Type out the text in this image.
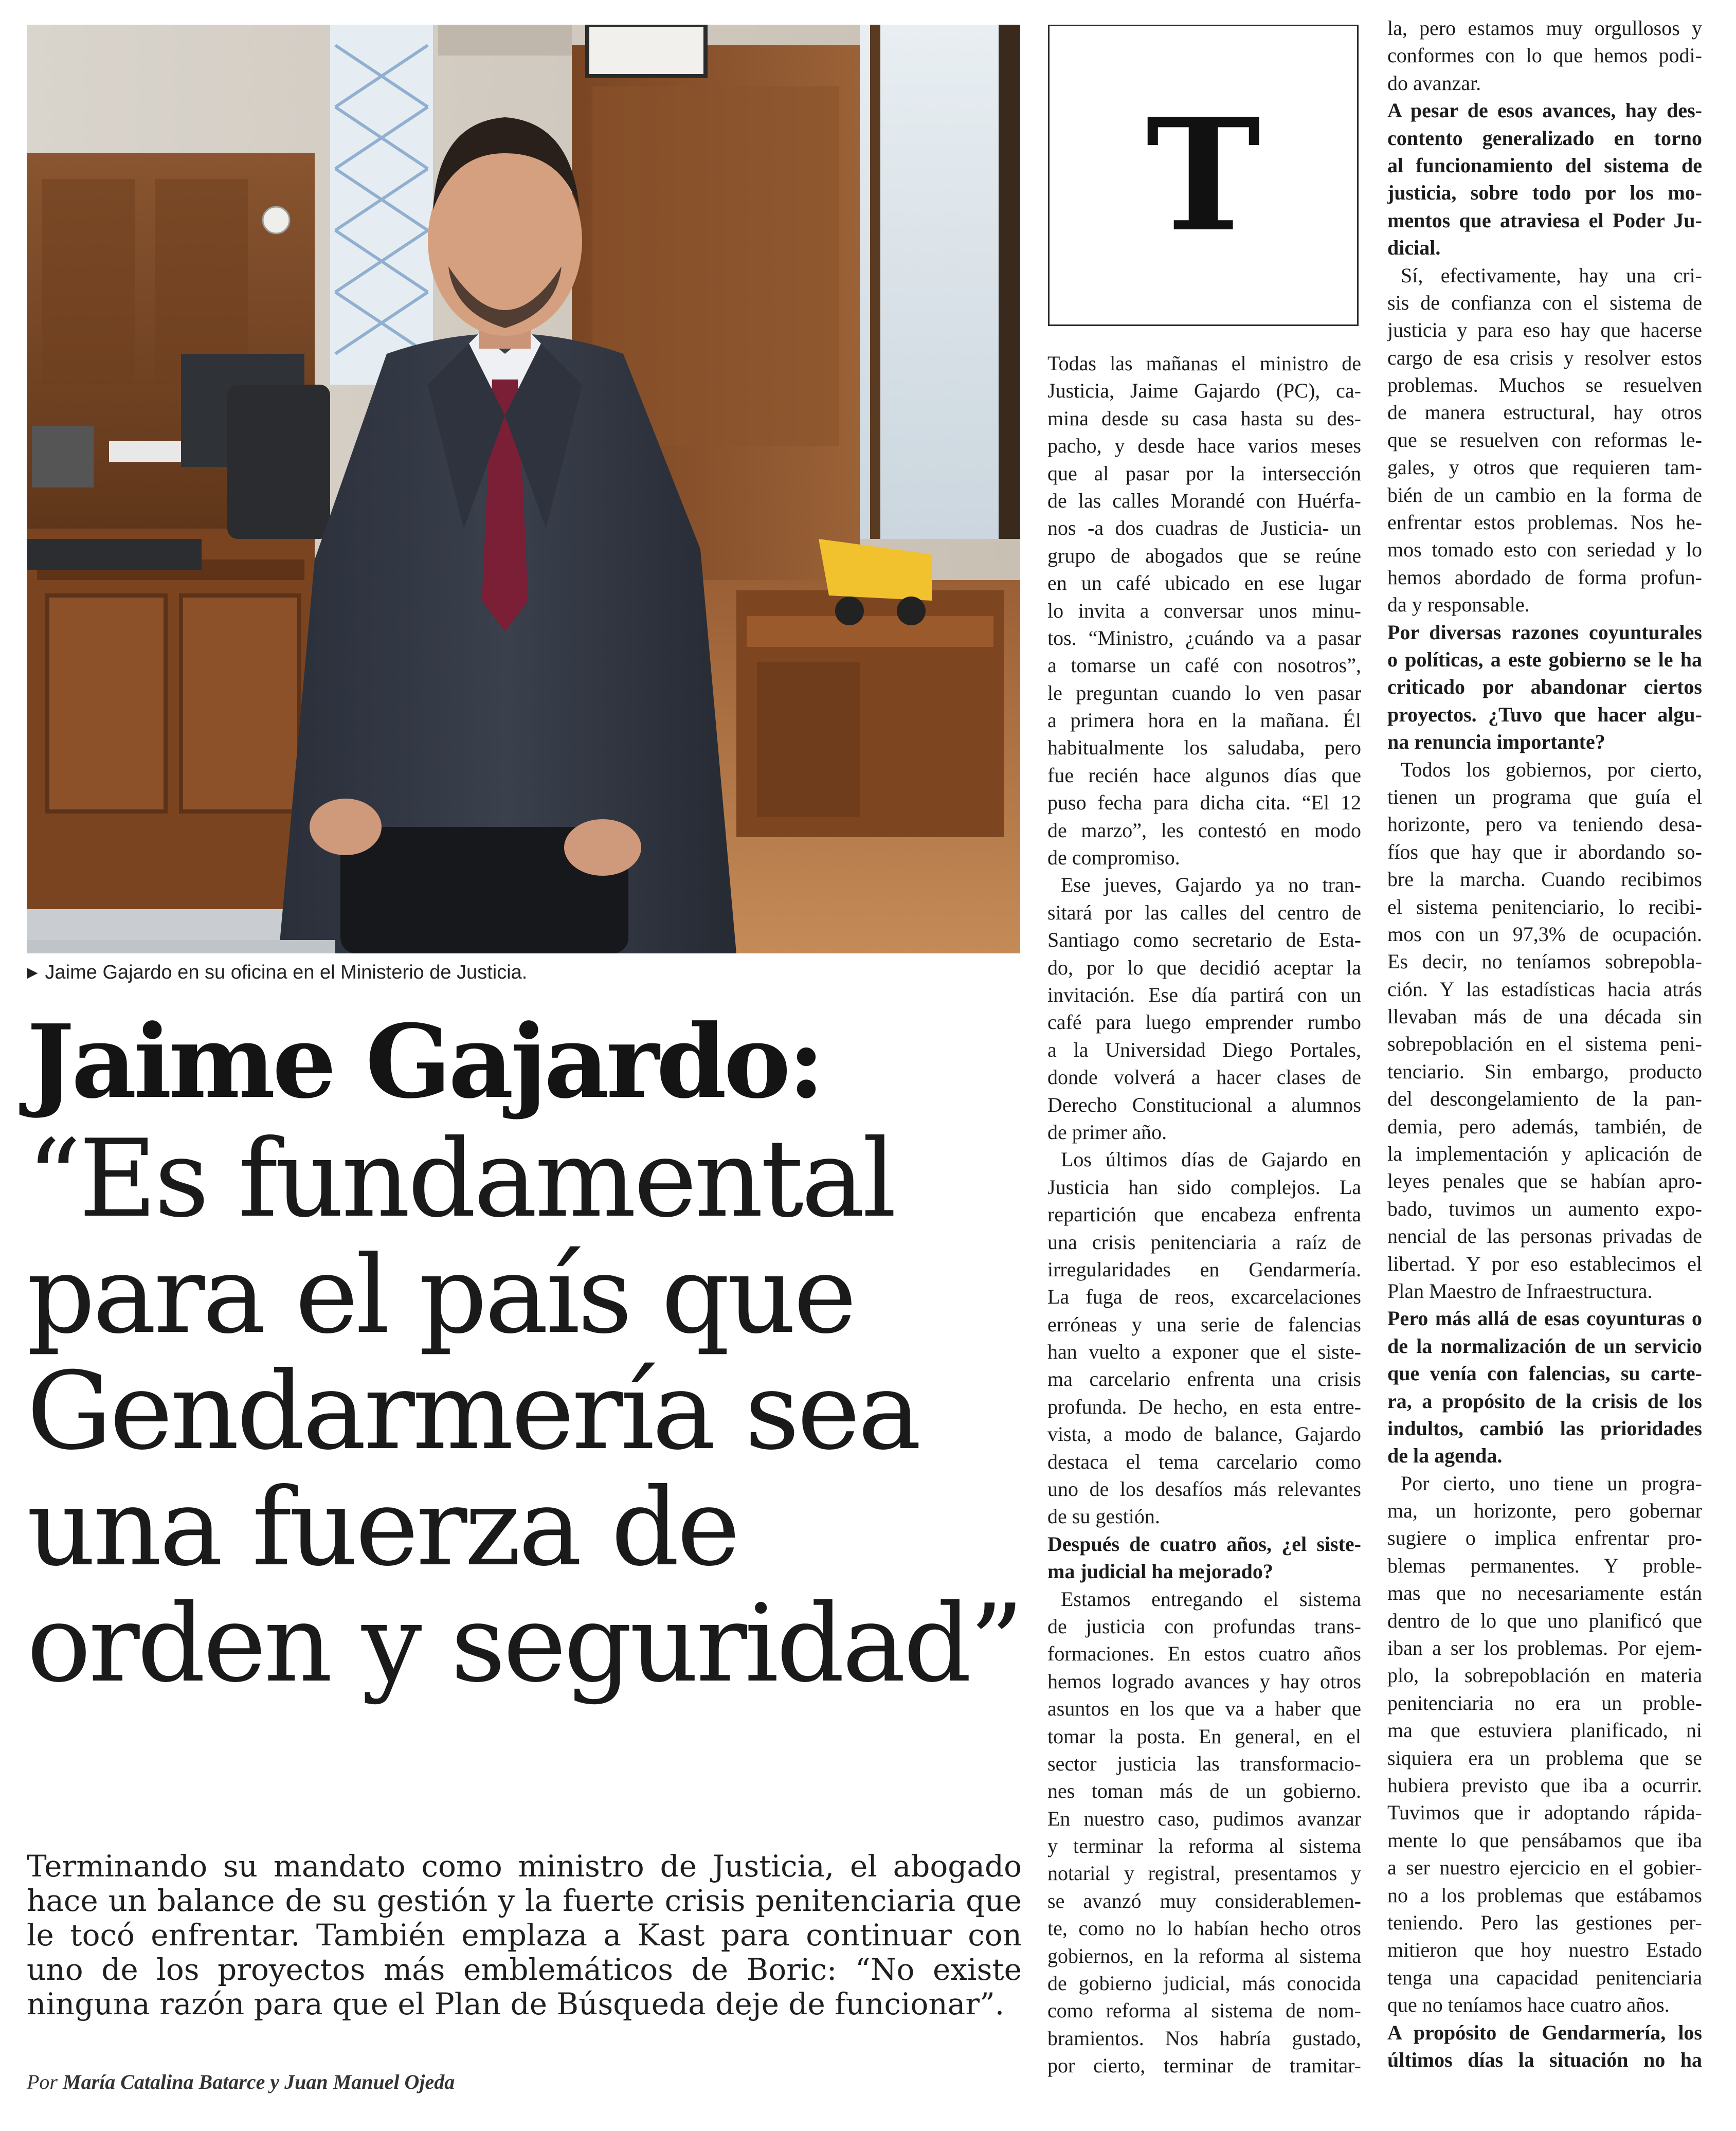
▶ Jaime Gajardo en su oficina en el Ministerio de Justicia.
Jaime Gajardo:
“Es fundamental
para el país que
Gendarmería sea
una fuerza de
orden y seguridad”
Terminando su mandato como ministro de Justicia, el abogado hace un balance de su gestión y la fuerte crisis penitenciaria que le tocó enfrentar. También emplaza a Kast para continuar con uno de los proyectos más emblemáticos de Boric: “No existe ninguna razón para que el Plan de Búsqueda deje de funcionar”.
Por María Catalina Batarce y Juan Manuel Ojeda
T
Todas las mañanas el ministro de
Justicia, Jaime Gajardo (PC), ca-
mina desde su casa hasta su des-
pacho, y desde hace varios meses
que al pasar por la intersección
de las calles Morandé con Huérfa-
nos -a dos cuadras de Justicia- un
grupo de abogados que se reúne
en un café ubicado en ese lugar
lo invita a conversar unos minu-
tos. “Ministro, ¿cuándo va a pasar
a tomarse un café con nosotros”,
le preguntan cuando lo ven pasar
a primera hora en la mañana. Él
habitualmente los saludaba, pero
fue recién hace algunos días que
puso fecha para dicha cita. “El 12
de marzo”, les contestó en modo
de compromiso.
Ese jueves, Gajardo ya no tran-
sitará por las calles del centro de
Santiago como secretario de Esta-
do, por lo que decidió aceptar la
invitación. Ese día partirá con un
café para luego emprender rumbo
a la Universidad Diego Portales,
donde volverá a hacer clases de
Derecho Constitucional a alumnos
de primer año.
Los últimos días de Gajardo en
Justicia han sido complejos. La
repartición que encabeza enfrenta
una crisis penitenciaria a raíz de
irregularidades en Gendarmería.
La fuga de reos, excarcelaciones
erróneas y una serie de falencias
han vuelto a exponer que el siste-
ma carcelario enfrenta una crisis
profunda. De hecho, en esta entre-
vista, a modo de balance, Gajardo
destaca el tema carcelario como
uno de los desafíos más relevantes
de su gestión.
Después de cuatro años, ¿el siste-
ma judicial ha mejorado?
Estamos entregando el sistema
de justicia con profundas trans-
formaciones. En estos cuatro años
hemos logrado avances y hay otros
asuntos en los que va a haber que
tomar la posta. En general, en el
sector justicia las transformacio-
nes toman más de un gobierno.
En nuestro caso, pudimos avanzar
y terminar la reforma al sistema
notarial y registral, presentamos y
se avanzó muy considerablemen-
te, como no lo habían hecho otros
gobiernos, en la reforma al sistema
de gobierno judicial, más conocida
como reforma al sistema de nom-
bramientos. Nos habría gustado,
por cierto, terminar de tramitar-
la, pero estamos muy orgullosos y
conformes con lo que hemos podi-
do avanzar.
A pesar de esos avances, hay des-
contento generalizado en torno
al funcionamiento del sistema de
justicia, sobre todo por los mo-
mentos que atraviesa el Poder Ju-
dicial.
Sí, efectivamente, hay una cri-
sis de confianza con el sistema de
justicia y para eso hay que hacerse
cargo de esa crisis y resolver estos
problemas. Muchos se resuelven
de manera estructural, hay otros
que se resuelven con reformas le-
gales, y otros que requieren tam-
bién de un cambio en la forma de
enfrentar estos problemas. Nos he-
mos tomado esto con seriedad y lo
hemos abordado de forma profun-
da y responsable.
Por diversas razones coyunturales
o políticas, a este gobierno se le ha
criticado por abandonar ciertos
proyectos. ¿Tuvo que hacer algu-
na renuncia importante?
Todos los gobiernos, por cierto,
tienen un programa que guía el
horizonte, pero va teniendo desa-
fíos que hay que ir abordando so-
bre la marcha. Cuando recibimos
el sistema penitenciario, lo recibi-
mos con un 97,3% de ocupación.
Es decir, no teníamos sobrepobla-
ción. Y las estadísticas hacia atrás
llevaban más de una década sin
sobrepoblación en el sistema peni-
tenciario. Sin embargo, producto
del descongelamiento de la pan-
demia, pero además, también, de
la implementación y aplicación de
leyes penales que se habían apro-
bado, tuvimos un aumento expo-
nencial de las personas privadas de
libertad. Y por eso establecimos el
Plan Maestro de Infraestructura.
Pero más allá de esas coyunturas o
de la normalización de un servicio
que venía con falencias, su carte-
ra, a propósito de la crisis de los
indultos, cambió las prioridades
de la agenda.
Por cierto, uno tiene un progra-
ma, un horizonte, pero gobernar
sugiere o implica enfrentar pro-
blemas permanentes. Y proble-
mas que no necesariamente están
dentro de lo que uno planificó que
iban a ser los problemas. Por ejem-
plo, la sobrepoblación en materia
penitenciaria no era un proble-
ma que estuviera planificado, ni
siquiera era un problema que se
hubiera previsto que iba a ocurrir.
Tuvimos que ir adoptando rápida-
mente lo que pensábamos que iba
a ser nuestro ejercicio en el gobier-
no a los problemas que estábamos
teniendo. Pero las gestiones per-
mitieron que hoy nuestro Estado
tenga una capacidad penitenciaria
que no teníamos hace cuatro años.
A propósito de Gendarmería, los
últimos días la situación no ha
